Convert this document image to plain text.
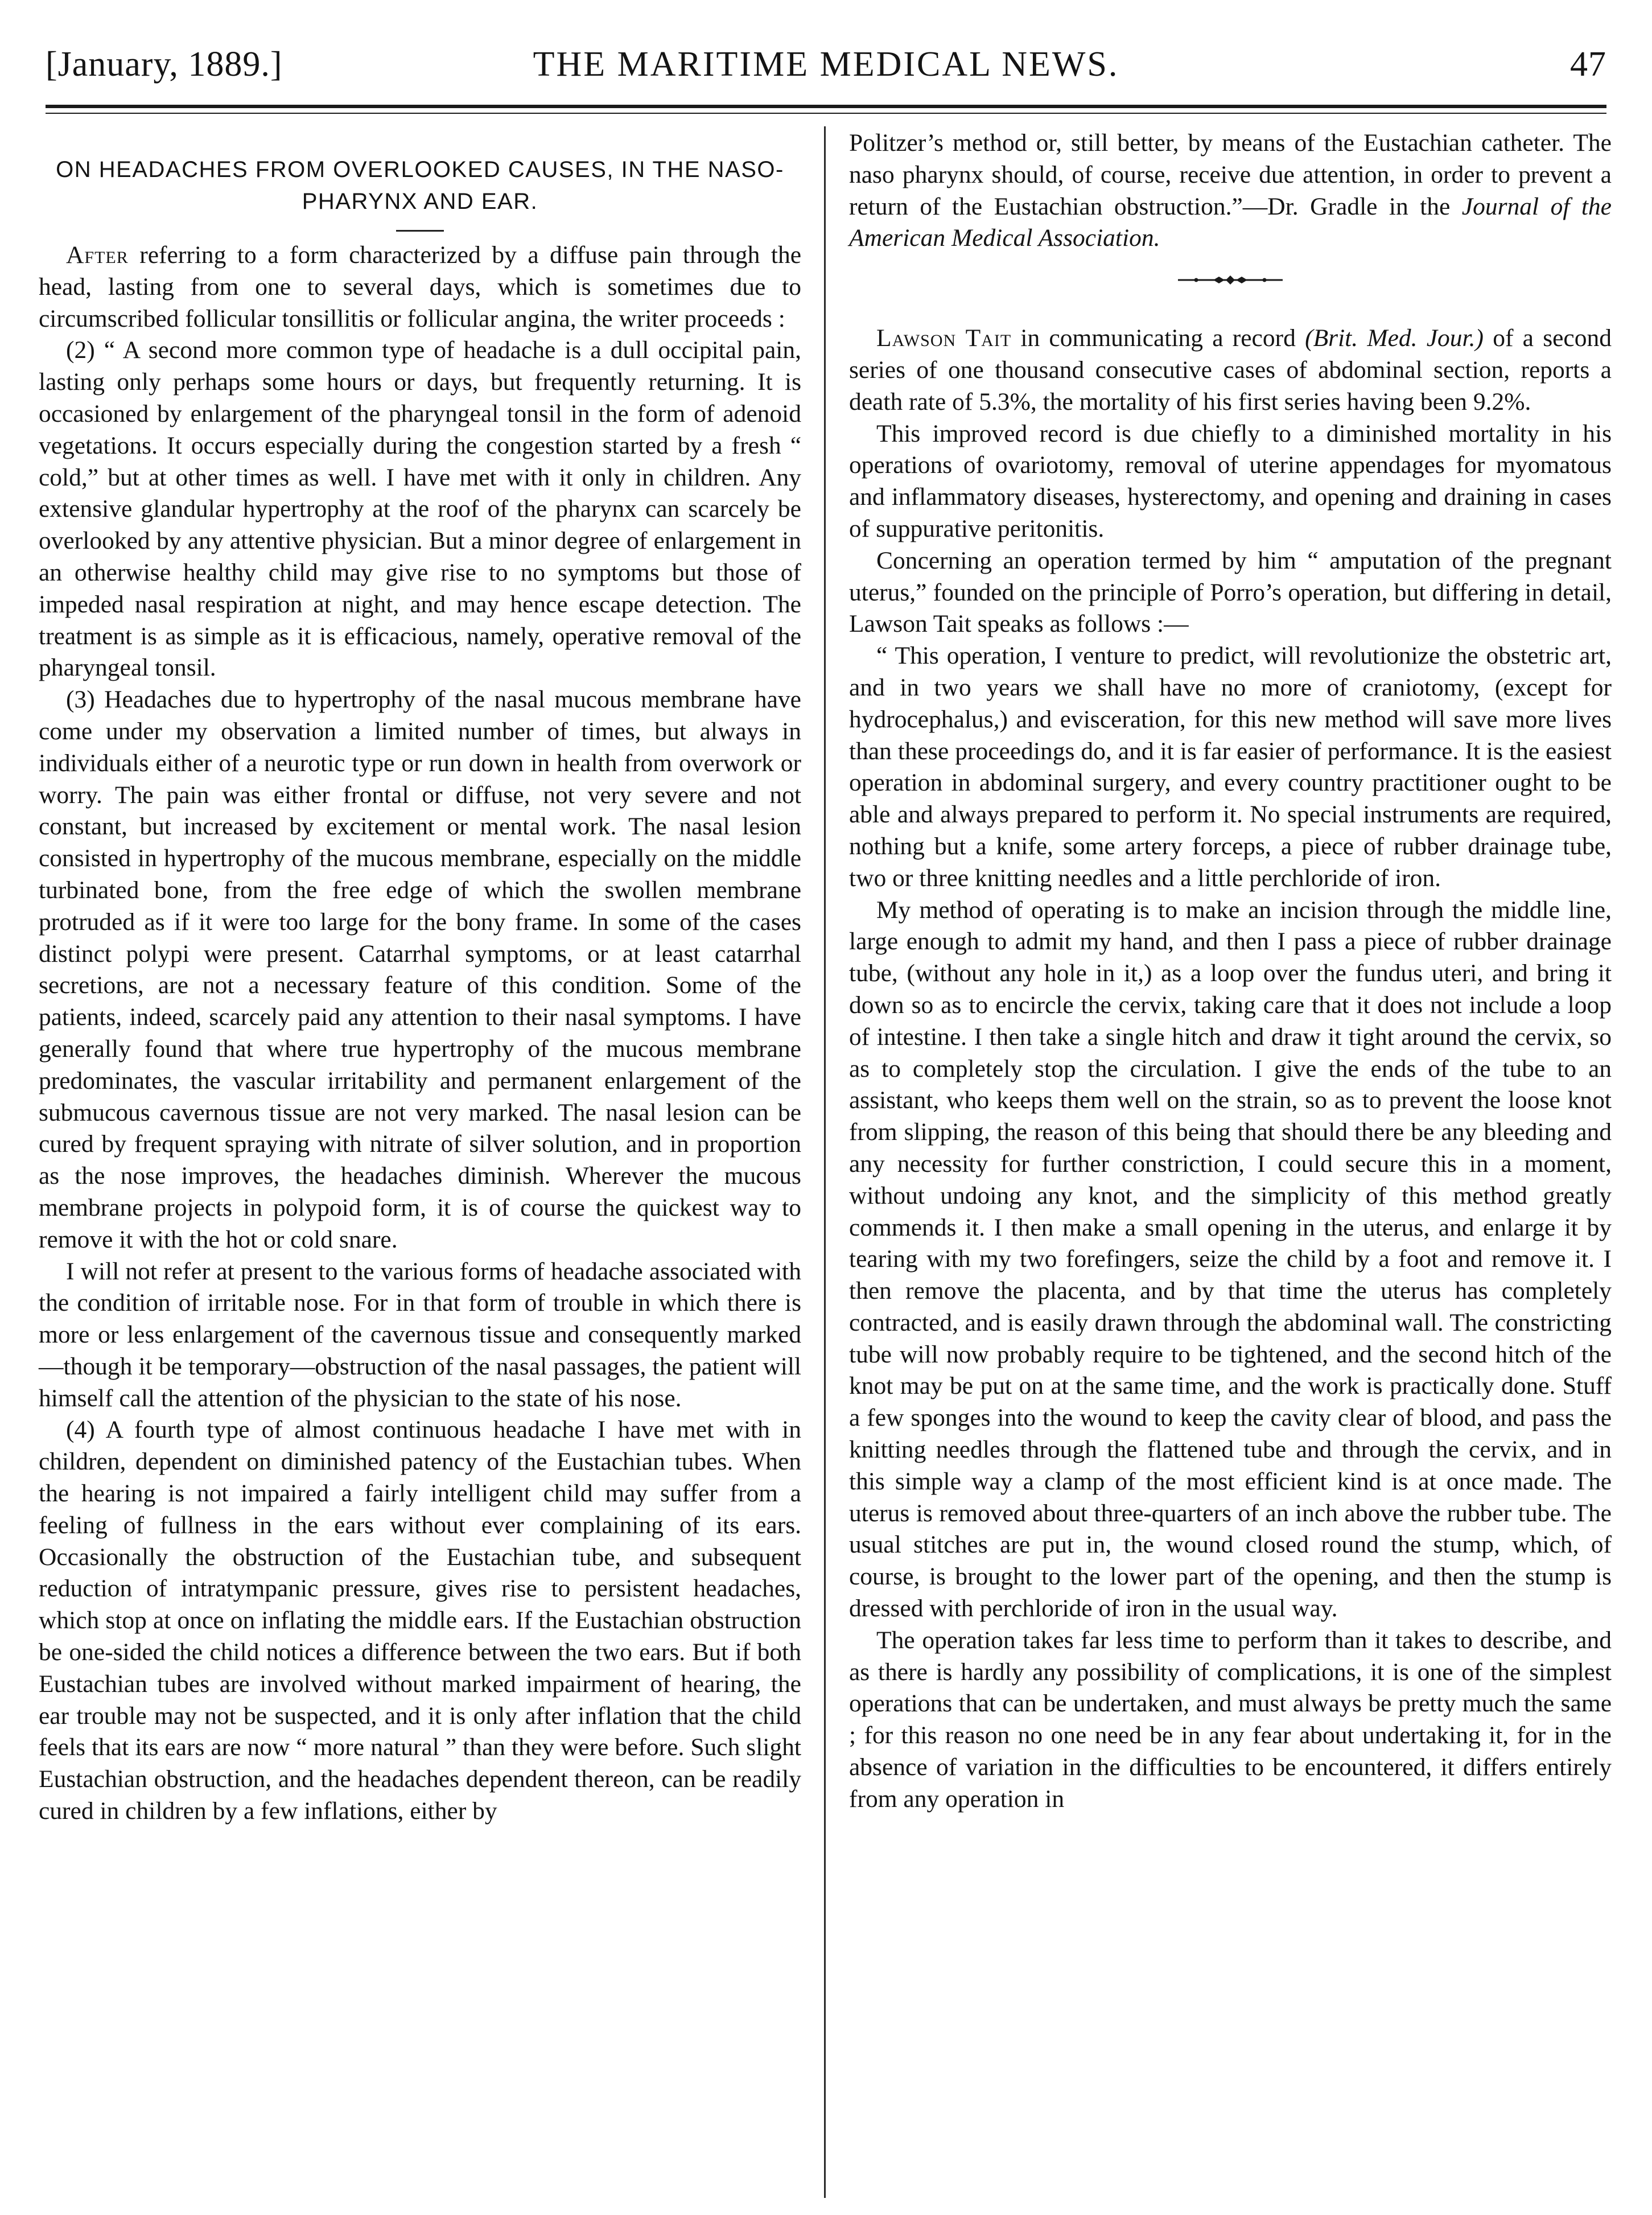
[January, 1889.]	THE MARITIME MEDICAL NEWS.	47
ON HEADACHES FROM OVERLOOKED CAUSES, IN THE NASO-PHARYNX AND EAR.

After referring to a form characterized by a diffuse pain through the head, lasting from one to several days, which is sometimes due to circumscribed follicular tonsillitis or follicular angina, the writer proceeds :

(2) “ A second more common type of headache is a dull occipital pain, lasting only perhaps some hours or days, but frequently returning. It is occasioned by enlargement of the pharyngeal tonsil in the form of adenoid vegetations. It occurs especially during the congestion started by a fresh “ cold,” but at other times as well. I have met with it only in children. Any extensive glandular hypertrophy at the roof of the pharynx can scarcely be overlooked by any attentive physician. But a minor degree of enlargement in an otherwise healthy child may give rise to no symptoms but those of impeded nasal respiration at night, and may hence escape detection. The treatment is as simple as it is efficacious, namely, operative removal of the pharyngeal tonsil.

(3) Headaches due to hypertrophy of the nasal mucous membrane have come under my observation a limited number of times, but always in individuals either of a neurotic type or run down in health from overwork or worry. The pain was either frontal or diffuse, not very severe and not constant, but increased by excitement or mental work. The nasal lesion consisted in hypertrophy of the mucous membrane, especially on the middle turbinated bone, from the free edge of which the swollen membrane protruded as if it were too large for the bony frame. In some of the cases distinct polypi were present. Catarrhal symptoms, or at least catarrhal secretions, are not a necessary feature of this condition. Some of the patients, indeed, scarcely paid any attention to their nasal symptoms. I have generally found that where true hypertrophy of the mucous membrane predominates, the vascular irritability and permanent enlargement of the submucous cavernous tissue are not very marked. The nasal lesion can be cured by frequent spraying with nitrate of silver solution, and in proportion as the nose improves, the headaches diminish. Wherever the mucous membrane projects in polypoid form, it is of course the quickest way to remove it with the hot or cold snare.

I will not refer at present to the various forms of headache associated with the condition of irritable nose. For in that form of trouble in which there is more or less enlargement of the cavernous tissue and consequently marked—though it be temporary—obstruction of the nasal passages, the patient will himself call the attention of the physician to the state of his nose.

(4) A fourth type of almost continuous headache I have met with in children, dependent on diminished patency of the Eustachian tubes. When the hearing is not impaired a fairly intelligent child may suffer from a feeling of fullness in the ears without ever complaining of its ears. Occasionally the obstruction of the Eustachian tube, and subsequent reduction of intratympanic pressure, gives rise to persistent headaches, which stop at once on inflating the middle ears. If the Eustachian obstruction be one-sided the child notices a difference between the two ears. But if both Eustachian tubes are involved without marked impairment of hearing, the ear trouble may not be suspected, and it is only after inflation that the child feels that its ears are now “ more natural ” than they were before. Such slight Eustachian obstruction, and the headaches dependent thereon, can be readily cured in children by a few inflations, either by

Politzer’s method or, still better, by means of the Eustachian catheter. The naso pharynx should, of course, receive due attention, in order to prevent a return of the Eustachian obstruction.”—Dr. Gradle in the Journal of the American Medical Association.

Lawson Tait in communicating a record (Brit. Med. Jour.) of a second series of one thousand consecutive cases of abdominal section, reports a death rate of 5.3%, the mortality of his first series having been 9.2%.

This improved record is due chiefly to a diminished mortality in his operations of ovariotomy, removal of uterine appendages for myomatous and inflammatory diseases, hysterectomy, and opening and draining in cases of suppurative peritonitis.

Concerning an operation termed by him “ amputation of the pregnant uterus,” founded on the principle of Porro’s operation, but differing in detail, Lawson Tait speaks as follows :—

“ This operation, I venture to predict, will revolutionize the obstetric art, and in two years we shall have no more of craniotomy, (except for hydrocephalus,) and evisceration, for this new method will save more lives than these proceedings do, and it is far easier of performance. It is the easiest operation in abdominal surgery, and every country practitioner ought to be able and always prepared to perform it. No special instruments are required, nothing but a knife, some artery forceps, a piece of rubber drainage tube, two or three knitting needles and a little perchloride of iron.

My method of operating is to make an incision through the middle line, large enough to admit my hand, and then I pass a piece of rubber drainage tube, (without any hole in it,) as a loop over the fundus uteri, and bring it down so as to encircle the cervix, taking care that it does not include a loop of intestine. I then take a single hitch and draw it tight around the cervix, so as to completely stop the circulation. I give the ends of the tube to an assistant, who keeps them well on the strain, so as to prevent the loose knot from slipping, the reason of this being that should there be any bleeding and any necessity for further constriction, I could secure this in a moment, without undoing any knot, and the simplicity of this method greatly commends it. I then make a small opening in the uterus, and enlarge it by tearing with my two forefingers, seize the child by a foot and remove it. I then remove the placenta, and by that time the uterus has completely contracted, and is easily drawn through the abdominal wall. The constricting tube will now probably require to be tightened, and the second hitch of the knot may be put on at the same time, and the work is practically done. Stuff a few sponges into the wound to keep the cavity clear of blood, and pass the knitting needles through the flattened tube and through the cervix, and in this simple way a clamp of the most efficient kind is at once made. The uterus is removed about three-quarters of an inch above the rubber tube. The usual stitches are put in, the wound closed round the stump, which, of course, is brought to the lower part of the opening, and then the stump is dressed with perchloride of iron in the usual way.

The operation takes far less time to perform than it takes to describe, and as there is hardly any possibility of complications, it is one of the simplest operations that can be undertaken, and must always be pretty much the same ; for this reason no one need be in any fear about undertaking it, for in the absence of variation in the difficulties to be encountered, it differs entirely from any operation in
